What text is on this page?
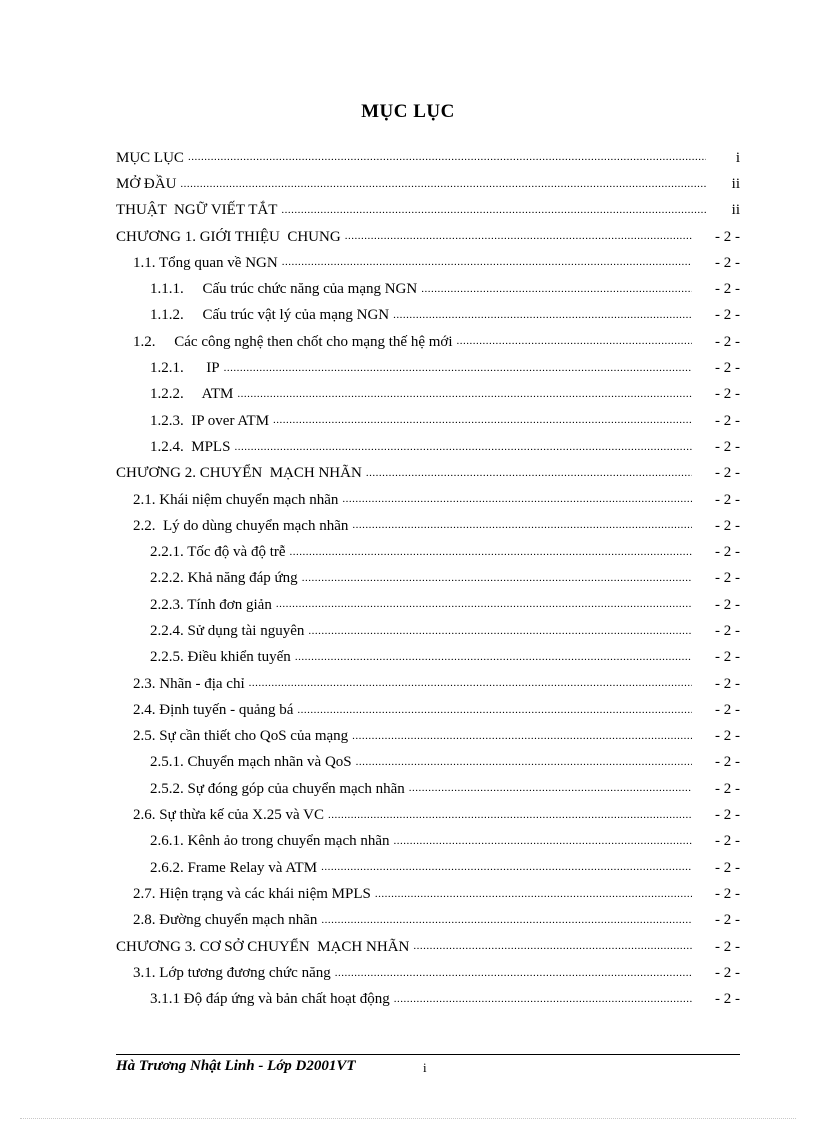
MỤC LỤC
MỤC LỤC .....	i
MỞ ĐẦU .....	ii
THUẬT  NGỮ VIẾT TẮT .....	ii
CHƯƠNG 1. GIỚI THIỆU  CHUNG .....	- 2 -
1.1. Tổng quan về NGN .....	- 2 -
1.1.1.     Cấu trúc chức năng của mạng NGN .....	- 2 -
1.1.2.     Cấu trúc vật lý của mạng NGN .....	- 2 -
1.2.     Các công nghệ then chốt cho mạng thế hệ mới .....	- 2 -
1.2.1.      IP .....	- 2 -
1.2.2.     ATM .....	- 2 -
1.2.3.  IP over ATM .....	- 2 -
1.2.4.  MPLS .....	- 2 -
CHƯƠNG 2. CHUYỂN  MẠCH NHÃN .....	- 2 -
2.1. Khái niệm chuyển mạch nhãn .....	- 2 -
2.2.  Lý do dùng chuyển mạch nhãn .....	- 2 -
2.2.1. Tốc độ và độ trễ .....	- 2 -
2.2.2. Khả năng đáp ứng .....	- 2 -
2.2.3. Tính đơn giản .....	- 2 -
2.2.4. Sử dụng tài nguyên .....	- 2 -
2.2.5. Điều khiển tuyến .....	- 2 -
2.3. Nhãn - địa chỉ .....	- 2 -
2.4. Định tuyến - quảng bá .....	- 2 -
2.5. Sự cần thiết cho QoS của mạng .....	- 2 -
2.5.1. Chuyển mạch nhãn và QoS .....	- 2 -
2.5.2. Sự đóng góp của chuyển mạch nhãn .....	- 2 -
2.6. Sự thừa kế của X.25 và VC .....	- 2 -
2.6.1. Kênh ảo trong chuyển mạch nhãn .....	- 2 -
2.6.2. Frame Relay và ATM .....	- 2 -
2.7. Hiện trạng và các khái niệm MPLS .....	- 2 -
2.8. Đường chuyển mạch nhãn .....	- 2 -
CHƯƠNG 3. CƠ SỞ CHUYỂN  MẠCH NHÃN .....	- 2 -
3.1. Lớp tương đương chức năng .....	- 2 -
3.1.1 Độ đáp ứng và bản chất hoạt động .....	- 2 -
Hà Trương Nhật Linh - Lớp D2001VT	i
